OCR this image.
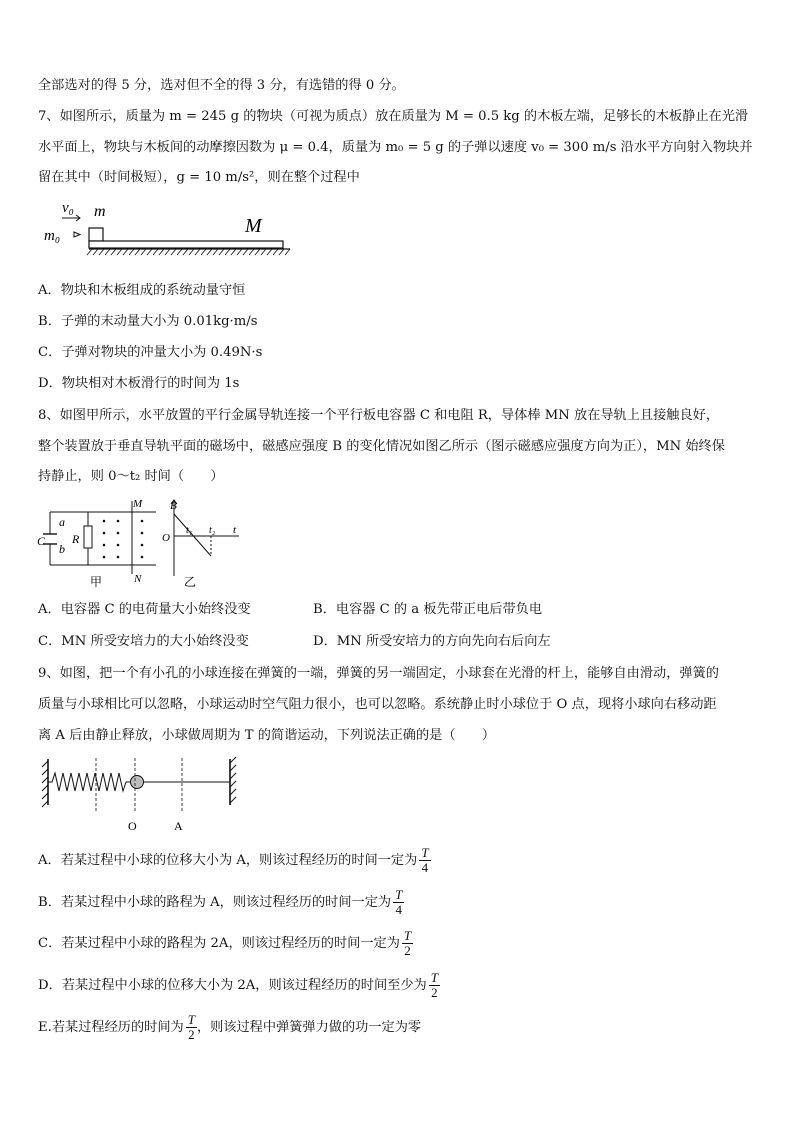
全部选对的得 5 分，选对但不全的得 3 分，有选错的得 0 分。
7、如图所示，质量为 m = 245 g 的物块（可视为质点）放在质量为 M = 0.5 kg 的木板左端，足够长的木板静止在光滑
水平面上，物块与木板间的动摩擦因数为 μ = 0.4，质量为 m₀ = 5 g 的子弹以速度 v₀ = 300 m/s 沿水平方向射入物块并
留在其中（时间极短），g = 10 m/s²，则在整个过程中
v₀ m
m₀	M
A．物块和木板组成的系统动量守恒
B．子弹的末动量大小为 0.01kg·m/s
C．子弹对物块的冲量大小为 0.49N·s
D．物块相对木板滑行的时间为 1s
8、如图甲所示，水平放置的平行金属导轨连接一个平行板电容器 C 和电阻 R，导体棒 MN 放在导轨上且接触良好，
整个装置放于垂直导轨平面的磁场中，磁感应强度 B 的变化情况如图乙所示（图示磁感应强度方向为正），MN 始终保
持静止，则 0～t₂ 时间（　　）
a
b
C R
M
N
甲
B
O
t₁ t₂ t
乙
A．电容器 C 的电荷量大小始终没变	B．电容器 C 的 a 板先带正电后带负电
C．MN 所受安培力的大小始终没变	D．MN 所受安培力的方向先向右后向左
9、如图，把一个有小孔的小球连接在弹簧的一端，弹簧的另一端固定，小球套在光滑的杆上，能够自由滑动，弹簧的
质量与小球相比可以忽略，小球运动时空气阻力很小，也可以忽略。系统静止时小球位于 O 点，现将小球向右移动距
离 A 后由静止释放，小球做周期为 T 的简谐运动，下列说法正确的是（　　）
O	A
A．若某过程中小球的位移大小为 A，则该过程经历的时间一定为 $\frac{T}{4}$
B．若某过程中小球的路程为 A，则该过程经历的时间一定为 $\frac{T}{4}$
C．若某过程中小球的路程为 2A，则该过程经历的时间一定为 $\frac{T}{2}$
D．若某过程中小球的位移大小为 2A，则该过程经历的时间至少为 $\frac{T}{2}$
E.若某过程经历的时间为 $\frac{T}{2}$ ，则该过程中弹簧弹力做的功一定为零
